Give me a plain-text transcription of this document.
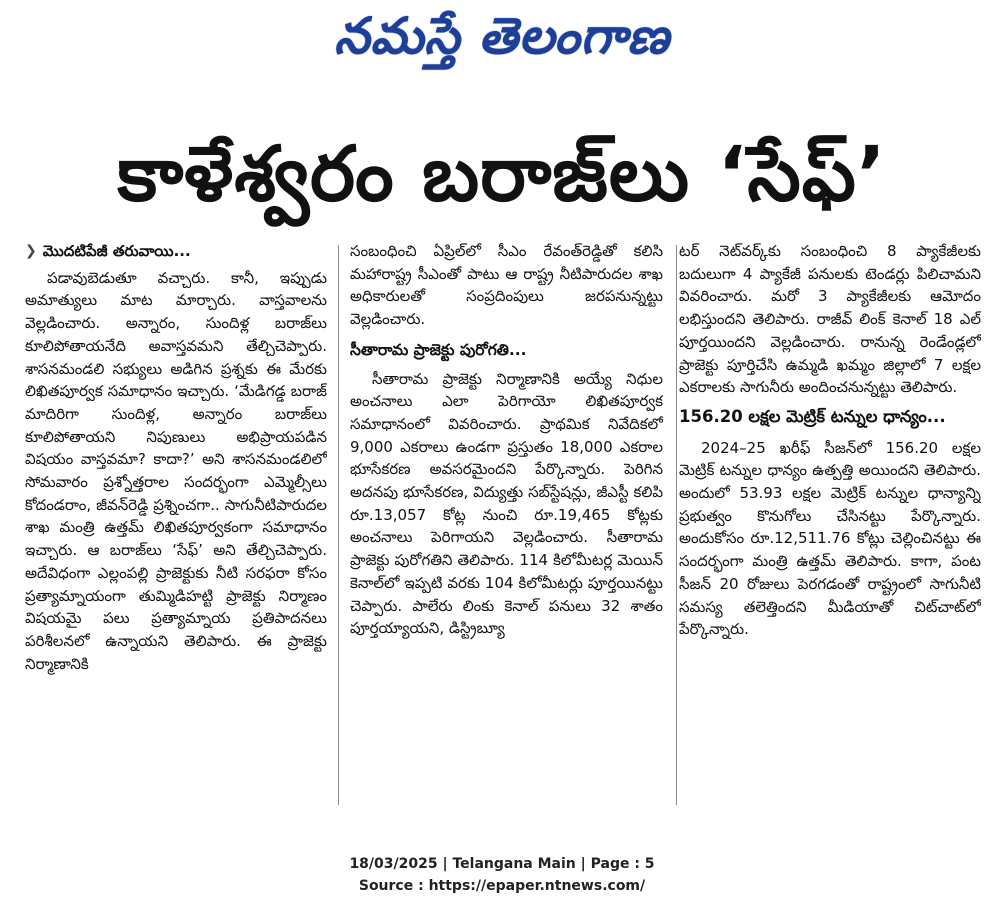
నమస్తే తెలంగాణ
కాళేశ్వరం బరాజ్‌లు ‘సేఫ్’
❯ మొదటిపేజీ తరువాయి...

పడావుబెడుతూ వచ్చారు. కానీ, ఇప్పుడు అమాత్యులు మాట మార్చారు. వాస్తవాలను వెల్లడించారు. అన్నారం, సుందిళ్ల బరాజ్‌లు కూలిపోతాయనేది అవాస్తవమని తేల్చిచెప్పారు. శాసనమండలి సభ్యులు అడిగిన ప్రశ్నకు ఈ మేరకు లిఖితపూర్వక సమాధానం ఇచ్చారు. ‘మేడిగడ్డ బరాజ్ మాదిరిగా సుందిళ్ల, అన్నారం బరాజ్‌లు కూలిపోతాయని నిపుణులు అభిప్రాయపడిన విషయం వాస్తవమా? కాదా?’ అని శాసనమండలిలో సోమవారం ప్రశ్నోత్తరాల సందర్భంగా ఎమ్మెల్సీలు కోదండరాం, జీవన్‌రెడ్డి ప్రశ్నించగా.. సాగునీటిపారుదల శాఖ మంత్రి ఉత్తమ్ లిఖితపూర్వకంగా సమాధానం ఇచ్చారు. ఆ బరాజ్‌లు ‘సేఫ్’ అని తేల్చిచెప్పారు. అదేవిధంగా ఎల్లంపల్లి ప్రాజెక్టుకు నీటి సరఫరా కోసం ప్రత్యామ్నాయంగా తుమ్మిడిహట్టి ప్రాజెక్టు నిర్మాణం విషయమై పలు ప్రత్యామ్నాయ ప్రతిపాదనలు పరిశీలనలో ఉన్నాయని తెలిపారు. ఈ ప్రాజెక్టు నిర్మాణానికి

సంబంధించి ఏప్రిల్‌లో సీఎం రేవంత్‌రెడ్డితో కలిసి మహారాష్ట్ర సీఎంతో పాటు ఆ రాష్ట్ర నీటిపారుదల శాఖ అధికారులతో సంప్రదింపులు జరపనున్నట్టు వెల్లడించారు.

సీతారామ ప్రాజెక్టు పురోగతి...

సీతారామ ప్రాజెక్టు నిర్మాణానికి అయ్యే నిధుల అంచనాలు ఎలా పెరిగాయో లిఖితపూర్వక సమాధానంలో వివరించారు. ప్రాథమిక నివేదికలో 9,000 ఎకరాలు ఉండగా ప్రస్తుతం 18,000 ఎకరాల భూసేకరణ అవసరమైందని పేర్కొన్నారు. పెరిగిన అదనపు భూసేకరణ, విద్యుత్తు సబ్‌స్టేషన్లు, జీఎస్టీ కలిపి రూ.13,057 కోట్ల నుంచి రూ.19,465 కోట్లకు అంచనాలు పెరిగాయని వెల్లడించారు. సీతారామ ప్రాజెక్టు పురోగతిని తెలిపారు. 114 కిలోమీటర్ల మెయిన్ కెనాల్‌లో ఇప్పటి వరకు 104 కిలోమీటర్లు పూర్తయినట్టు చెప్పారు. పాలేరు లింకు కెనాల్ పనులు 32 శాతం పూర్తయ్యాయని, డిస్ట్రిబ్యూ

టర్ నెట్‌వర్క్‌కు సంబంధించి 8 ప్యాకేజీలకు బదులుగా 4 ప్యాకేజీ పనులకు టెండర్లు పిలిచామని వివరించారు. మరో 3 ప్యాకేజీలకు ఆమోదం లభిస్తుందని తెలిపారు. రాజీవ్ లింక్ కెనాల్ 18 ఎల్ పూర్తయిందని వెల్లడించారు. రానున్న రెండేండ్లలో ప్రాజెక్టు పూర్తిచేసి ఉమ్మడి ఖమ్మం జిల్లాలో 7 లక్షల ఎకరాలకు సాగునీరు అందించనున్నట్టు తెలిపారు.

156.20 లక్షల మెట్రిక్ టన్నుల ధాన్యం...

2024–25 ఖరీఫ్ సీజన్‌లో 156.20 లక్షల మెట్రిక్ టన్నుల ధాన్యం ఉత్పత్తి అయిందని తెలిపారు. అందులో 53.93 లక్షల మెట్రిక్ టన్నుల ధాన్యాన్ని ప్రభుత్వం కొనుగోలు చేసినట్టు పేర్కొన్నారు. అందుకోసం రూ.12,511.76 కోట్లు చెల్లించినట్టు ఈ సందర్భంగా మంత్రి ఉత్తమ్ తెలిపారు. కాగా, పంట సీజన్ 20 రోజులు పెరగడంతో రాష్ట్రంలో సాగునీటి సమస్య తలెత్తిందని మీడియాతో చిట్‌చాట్‌లో పేర్కొన్నారు.

18/03/2025 | Telangana Main | Page : 5
Source : https://epaper.ntnews.com/
